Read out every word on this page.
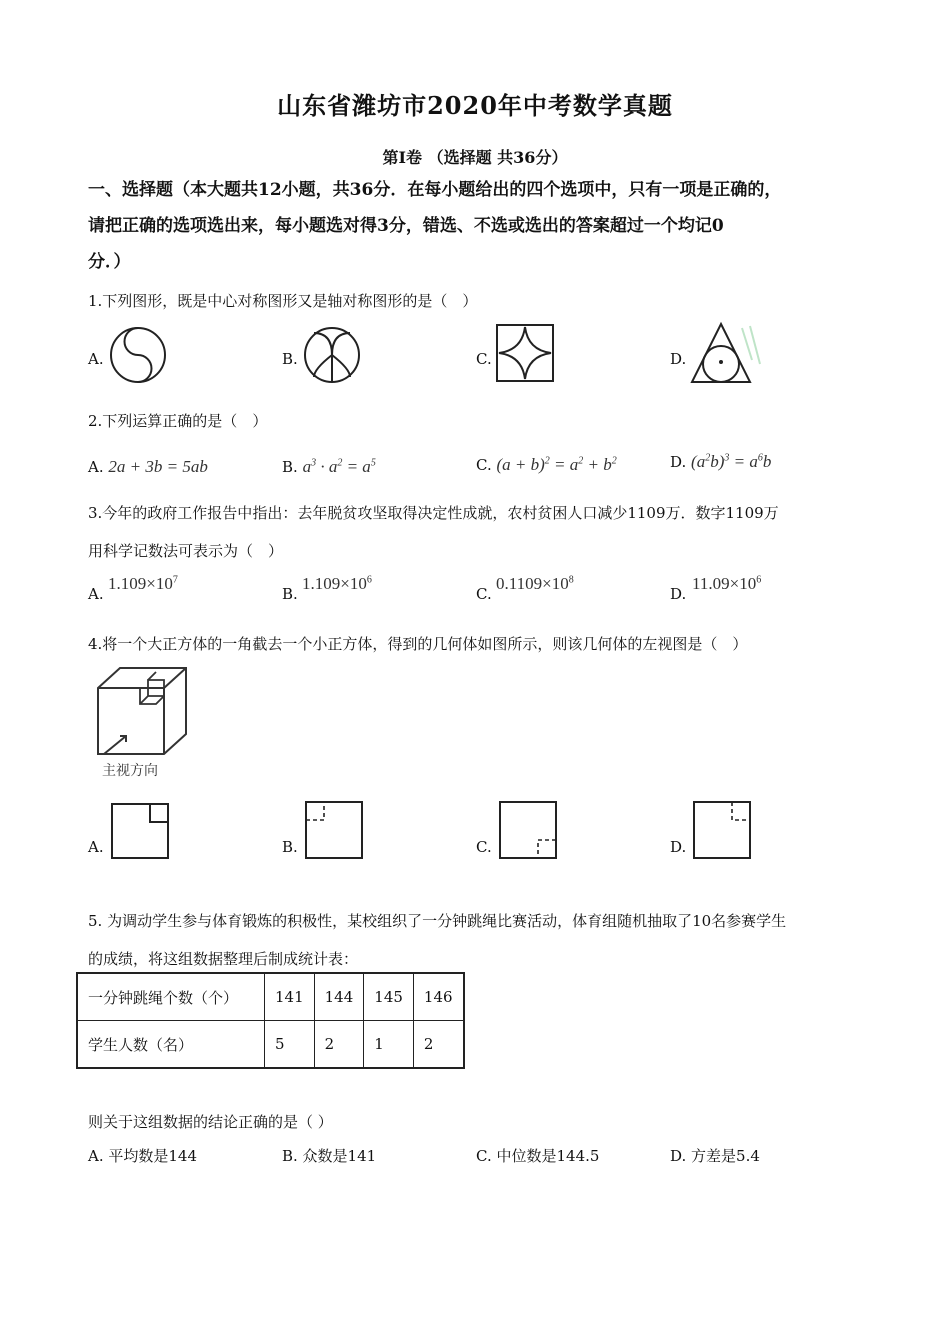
山东省潍坊市2020年中考数学真题
第Ⅰ卷 （选择题 共36分）
一、选择题（本大题共12小题，共36分．在每小题给出的四个选项中，只有一项是正确的，
请把正确的选项选出来，每小题选对得3分，错选、不选或选出的答案超过一个均记0
分．）
1.下列图形，既是中心对称图形又是轴对称图形的是（　）
A.	B.	C.	D.
2.下列运算正确的是（　）
A. 2a + 3b = 5ab	B. $a^3 \cdot a^2 = a^5$	C. $(a + b)^2 = a^2 + b^2$	D. $(a^2b)^3 = a^6b$
3.今年的政府工作报告中指出：去年脱贫攻坚取得决定性成就，农村贫困人口减少1109万．数字1109万
用科学记数法可表示为（　）
A.
$1.109\times 10^7$
B.
$1.109\times 10^6$
C.
$0.1109\times 10^8$
D.
$11.09\times 10^6$
4.将一个大正方体的一角截去一个小正方体，得到的几何体如图所示，则该几何体的左视图是（　）
主视方向
A.	B.	C.	D.
5. 为调动学生参与体育锻炼的积极性，某校组织了一分钟跳绳比赛活动，体育组随机抽取了10名参赛学生
的成绩，将这组数据整理后制成统计表：
一分钟跳绳个数（个）	141	144	145	146
学生人数（名）	5	2	1	2
则关于这组数据的结论正确的是（ ）
A. 平均数是144	B. 众数是141	C. 中位数是144.5	D. 方差是5.4
